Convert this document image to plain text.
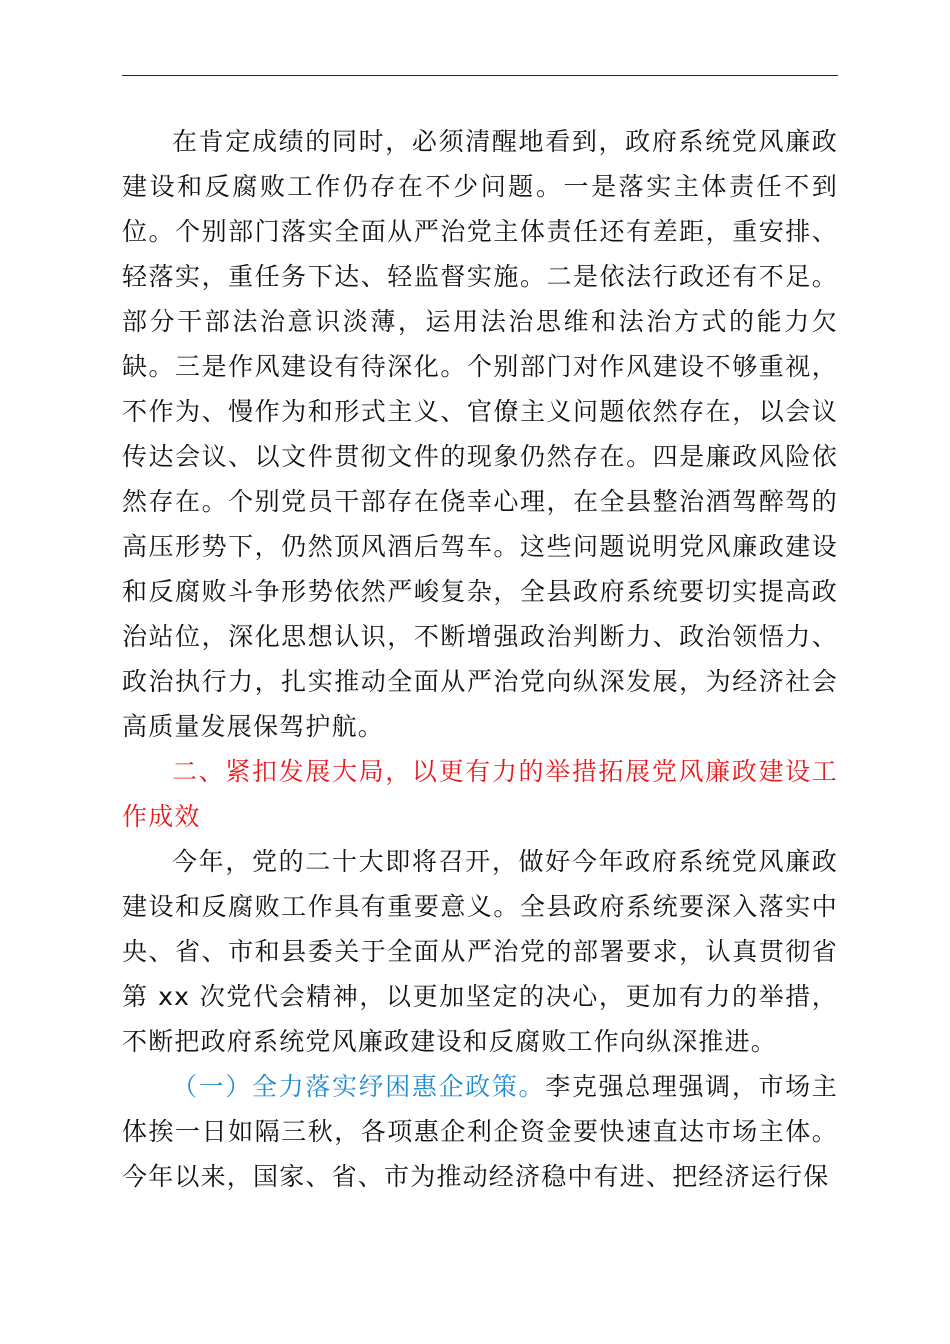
在肯定成绩的同时，必须清醒地看到，政府系统党风廉政建设和反腐败工作仍存在不少问题。一是落实主体责任不到位。个别部门落实全面从严治党主体责任还有差距，重安排、轻落实，重任务下达、轻监督实施。二是依法行政还有不足。部分干部法治意识淡薄，运用法治思维和法治方式的能力欠缺。三是作风建设有待深化。个别部门对作风建设不够重视，不作为、慢作为和形式主义、官僚主义问题依然存在，以会议传达会议、以文件贯彻文件的现象仍然存在。四是廉政风险依然存在。个别党员干部存在侥幸心理，在全县整治酒驾醉驾的高压形势下，仍然顶风酒后驾车。这些问题说明党风廉政建设和反腐败斗争形势依然严峻复杂，全县政府系统要切实提高政治站位，深化思想认识，不断增强政治判断力、政治领悟力、政治执行力，扎实推动全面从严治党向纵深发展，为经济社会高质量发展保驾护航。

二、紧扣发展大局，以更有力的举措拓展党风廉政建设工作成效

今年，党的二十大即将召开，做好今年政府系统党风廉政建设和反腐败工作具有重要意义。全县政府系统要深入落实中央、省、市和县委关于全面从严治党的部署要求，认真贯彻省第 xx 次党代会精神，以更加坚定的决心，更加有力的举措，不断把政府系统党风廉政建设和反腐败工作向纵深推进。

（一）全力落实纾困惠企政策。李克强总理强调，市场主体挨一日如隔三秋，各项惠企利企资金要快速直达市场主体。今年以来，国家、省、市为推动经济稳中有进、把经济运行保
